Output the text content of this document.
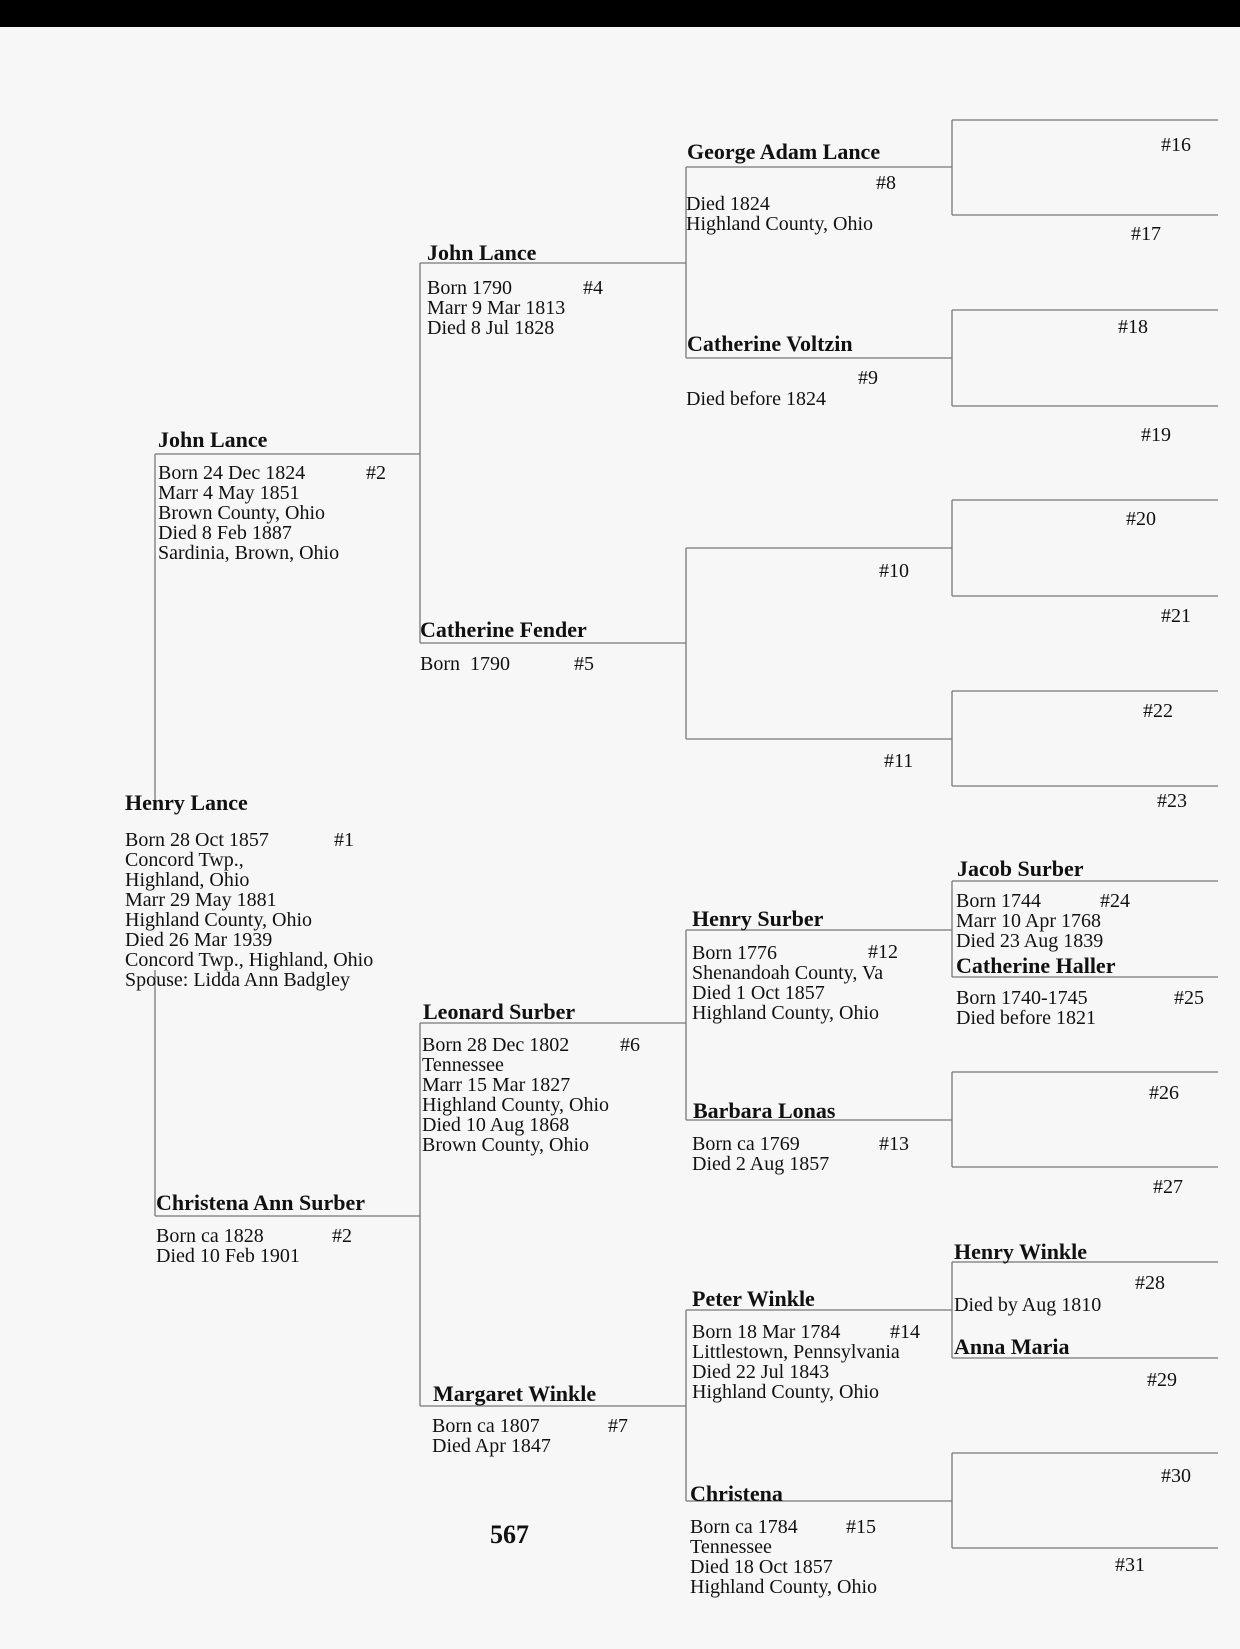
Henry Lance
Born 28 Oct 1857
Concord Twp.,
Highland, Ohio
Marr 29 May 1881
Highland County, Ohio
Died 26 Mar 1939
Concord Twp., Highland, Ohio
Spouse: Lidda Ann Badgley
#1
John Lance
Born 24 Dec 1824
Marr 4 May 1851
Brown County, Ohio
Died 8 Feb 1887
Sardinia, Brown, Ohio
#2
Christena Ann Surber
Born ca 1828
Died 10 Feb 1901
#2
John Lance
Born 1790
Marr 9 Mar 1813
Died 8 Jul 1828
#4
Catherine Fender
Born  1790	#5
Leonard Surber
Born 28 Dec 1802
Tennessee
Marr 15 Mar 1827
Highland County, Ohio
Died 10 Aug 1868
Brown County, Ohio
#6
Margaret Winkle
Born ca 1807
Died Apr 1847
#7
George Adam Lance
#8
Died 1824
Highland County, Ohio
Catherine Voltzin
#9
Died before 1824
#10
#11
Henry Surber
Born 1776
Shenandoah County, Va
Died 1 Oct 1857
Highland County, Ohio
#12
Barbara Lonas
Born ca 1769
Died 2 Aug 1857
#13
Peter Winkle
Born 18 Mar 1784
Littlestown, Pennsylvania
Died 22 Jul 1843
Highland County, Ohio
#14
Christena
Born ca 1784
Tennessee
Died 18 Oct 1857
Highland County, Ohio
#15
#16
#17
#18
#19
#20
#21
#22
#23
Jacob Surber
Born 1744
Marr 10 Apr 1768
Died 23 Aug 1839
#24
Catherine Haller
Born 1740-1745
Died before 1821
#25
#26
#27
Henry Winkle
#28
Died by Aug 1810
Anna Maria
#29
#30
#31
567
